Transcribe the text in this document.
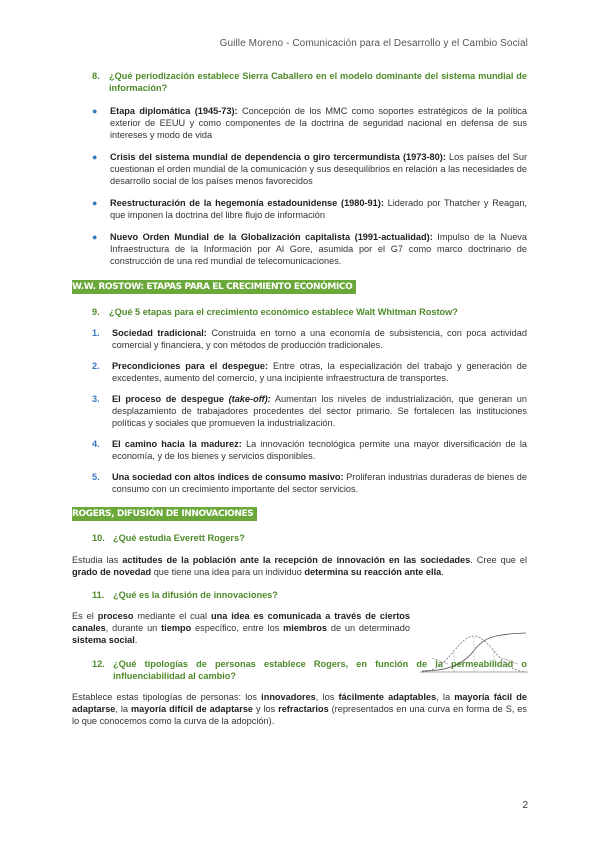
Guille Moreno - Comunicación para el Desarrollo y el Cambio Social

8.	¿Qué periodización establece Sierra Caballero en el modelo dominante del sistema mundial de información?

●	Etapa diplomática (1945-73): Concepción de los MMC como soportes estratégicos de la política exterior de EEUU y como componentes de la doctrina de seguridad nacional en defensa de sus intereses y modo de vida
●	Crisis del sistema mundial de dependencia o giro tercermundista (1973-80): Los países del Sur cuestionan el orden mundial de la comunicación y sus desequilibrios en relación a las necesidades de desarrollo social de los países menos favorecidos
●	Reestructuración de la hegemonía estadounidense (1980-91): Liderado por Thatcher y Reagan, que imponen la doctrina del libre flujo de información
●	Nuevo Orden Mundial de la Globalización capitalista (1991-actualidad): Impulso de la Nueva Infraestructura de la Información por Al Gore, asumida por el G7 como marco doctrinario de construcción de una red mundial de telecomunicaciones.
W.W. ROSTOW: ETAPAS PARA EL CRECIMIENTO ECONÓMICO

9.	¿Qué 5 etapas para el crecimiento económico establece Walt Whitman Rostow?

1.	Sociedad tradicional: Construida en torno a una economía de subsistencia, con poca actividad comercial y financiera, y con métodos de producción tradicionales.
2.	Precondiciones para el despegue: Entre otras, la especialización del trabajo y generación de excedentes, aumento del comercio, y una incipiente infraestructura de transportes.
3.	El proceso de despegue (take-off): Aumentan los niveles de industrialización, que generan un desplazamiento de trabajadores procedentes del sector primario. Se fortalecen las instituciones políticas y sociales que promueven la industrialización.
4.	El camino hacia la madurez: La innovación tecnológica permite una mayor diversificación de la economía, y de los bienes y servicios disponibles.
5.	Una sociedad con altos índices de consumo masivo: Proliferan industrias duraderas de bienes de consumo con un crecimiento importante del sector servicios.
ROGERS, DIFUSIÓN DE INNOVACIONES

10. ¿Qué estudia Everett Rogers?

Estudia las actitudes de la población ante la recepción de innovación en las sociedades. Cree que el grado de novedad que tiene una idea para un individuo determina su reacción ante ella.

11. ¿Qué es la difusión de innovaciones?

Es el proceso mediante el cual una idea es comunicada a través de ciertos canales, durante un tiempo específico, entre los miembros de un determinado sistema social.

12. ¿Qué tipologías de personas establece Rogers, en función de la permeabilidad o influenciabilidad al cambio?

Establece estas tipologías de personas: los innovadores, los fácilmente adaptables, la mayoría fácil de adaptarse, la mayoría difícil de adaptarse y los refractarios (representados en una curva en forma de S, es lo que conocemos como la curva de la adopción).

2
